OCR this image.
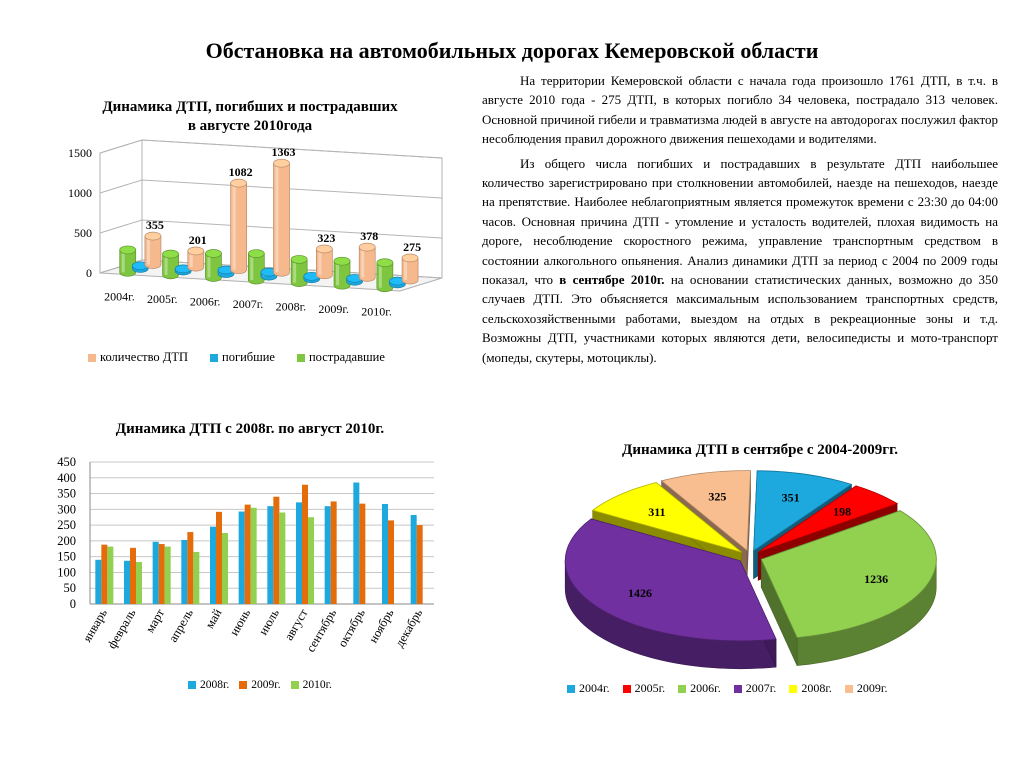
Обстановка на автомобильных дорогах Кемеровской области
Динамика ДТП, погибших и пострадавших
в августе 2010года
0
500
1000
1500
2004г. 2005г. 2006г. 2007г. 2008г. 2009г. 2010г.
355
201
1082
1363
323 378
275
количество ДТП	погибшие	пострадавшие
Динамика ДТП с 2008г. по август 2010г.
0
50
100
150
200
250
300
350
400
450
январь
февраль март
апрель май июнь июль август
сентябрь
октябрь
ноябрь
декабрь
2008г. 2009г. 2010г.
Динамика ДТП в сентябре с 2004-2009гг.
351
198
1236
1426
311
325
2004г. 2005г. 2006г. 2007г. 2008г. 2009г.

На территории Кемеровской области с начала года произошло 1761 ДТП, в т.ч. в августе 2010 года - 275 ДТП, в которых погибло 34 человека, пострадало 313 человек. Основной причиной гибели и травматизма людей в августе на автодорогах послужил фактор несоблюдения правил дорожного движения пешеходами и водителями.

Из общего числа погибших и пострадавших в результате ДТП наибольшее количество зарегистрировано при столкновении автомобилей, наезде на пешеходов, наезде на препятствие. Наиболее неблагоприятным является промежуток времени с 23:30 до 04:00 часов. Основная причина ДТП - утомление и усталость водителей, плохая видимость на дороге, несоблюдение скоростного режима, управление транспортным средством в состоянии алкогольного опьянения. Анализ динамики ДТП за период с 2004 по 2009 годы показал, что в сентябре 2010г. на основании статистических данных, возможно до 350 случаев ДТП. Это объясняется максимальным использованием транспортных средств, сельскохозяйственными работами, выездом на отдых в рекреационные зоны и т.д. Возможны ДТП, участниками которых являются дети, велосипедисты и мото-транспорт (мопеды, скутеры, мотоциклы).
